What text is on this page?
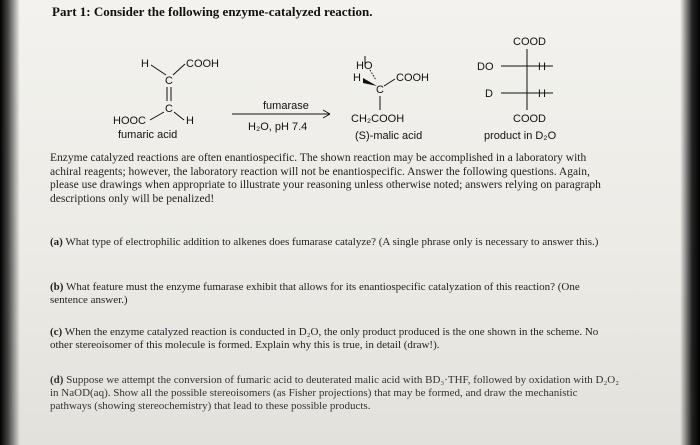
Part 1: Consider the following enzyme-catalyzed reaction.
H	COOH
C
C
HOOC	H
fumaric acid
fumarase
H₂O, pH 7.4
HO
H
C
COOH
CH₂COOH
(S)-malic acid
COOD
DO	H
D	H
COOD
product in D₂O
Enzyme catalyzed reactions are often enantiospecific. The shown reaction may be accomplished in a laboratory with achiral reagents; however, the laboratory reaction will not be enantiospecific. Answer the following questions. Again, please use drawings when appropriate to illustrate your reasoning unless otherwise noted; answers relying on paragraph descriptions only will be penalized!
(a) What type of electrophilic addition to alkenes does fumarase catalyze? (A single phrase only is necessary to answer this.)
(b) What feature must the enzyme fumarase exhibit that allows for its enantiospecific catalyzation of this reaction? (One sentence answer.)
(c) When the enzyme catalyzed reaction is conducted in D₂O, the only product produced is the one shown in the scheme. No other stereoisomer of this molecule is formed. Explain why this is true, in detail (draw!).
(d) Suppose we attempt the conversion of fumaric acid to deuterated malic acid with BD₃·THF, followed by oxidation with D₂O₂ in NaOD(aq). Show all the possible stereoisomers (as Fisher projections) that may be formed, and draw the mechanistic pathways (showing stereochemistry) that lead to these possible products.
